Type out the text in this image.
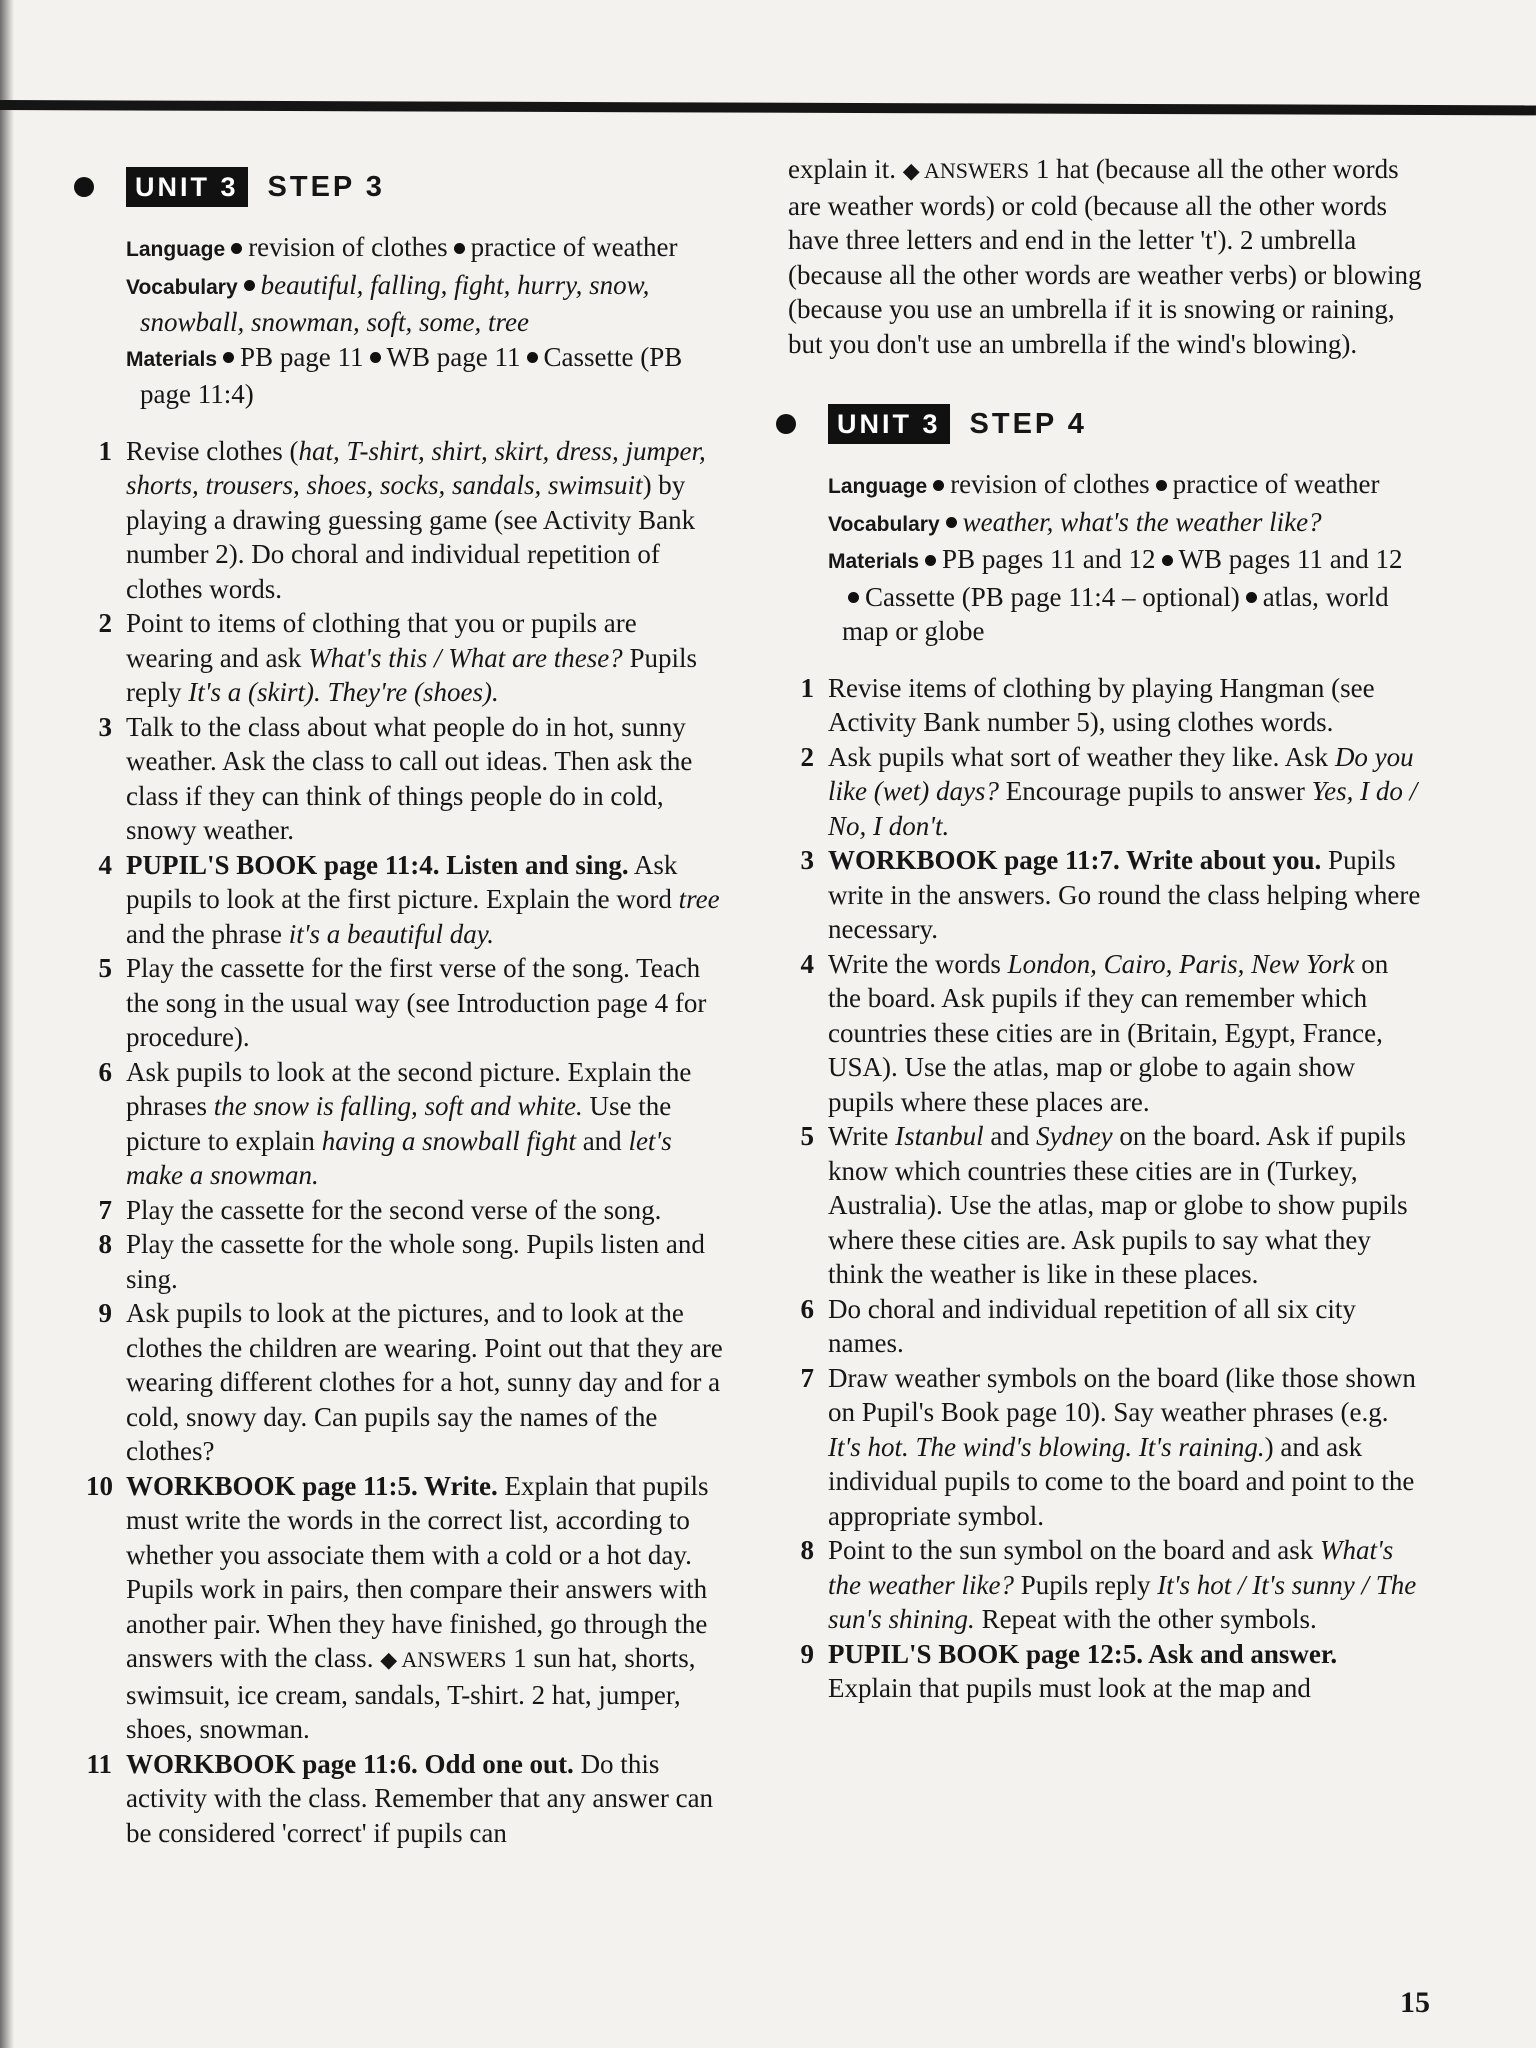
UNIT 3	STEP 3

Language revision of clothes practice of weather

Vocabulary beautiful, falling, fight, hurry, snow, snowball, snowman, soft, some, tree

Materials PB page 11 WB page 11 Cassette (PB page 11:4)

1 Revise clothes (hat, T-shirt, shirt, skirt, dress, jumper, shorts, trousers, shoes, socks, sandals, swimsuit) by playing a drawing guessing game (see Activity Bank number 2). Do choral and individual repetition of clothes words.
2 Point to items of clothing that you or pupils are wearing and ask What's this / What are these? Pupils reply It's a (skirt). They're (shoes).
3 Talk to the class about what people do in hot, sunny weather. Ask the class to call out ideas. Then ask the class if they can think of things people do in cold, snowy weather.
4 PUPIL'S BOOK page 11:4. Listen and sing. Ask pupils to look at the first picture. Explain the word tree and the phrase it's a beautiful day.
5 Play the cassette for the first verse of the song. Teach the song in the usual way (see Introduction page 4 for procedure).
6 Ask pupils to look at the second picture. Explain the phrases the snow is falling, soft and white. Use the picture to explain having a snowball fight and let's make a snowman.
7 Play the cassette for the second verse of the song.
8 Play the cassette for the whole song. Pupils listen and sing.
9 Ask pupils to look at the pictures, and to look at the clothes the children are wearing. Point out that they are wearing different clothes for a hot, sunny day and for a cold, snowy day. Can pupils say the names of the clothes?
10 WORKBOOK page 11:5. Write. Explain that pupils must write the words in the correct list, according to whether you associate them with a cold or a hot day. Pupils work in pairs, then compare their answers with another pair. When they have finished, go through the answers with the class. ◆ ANSWERS 1 sun hat, shorts, swimsuit, ice cream, sandals, T-shirt. 2 hat, jumper, shoes, snowman.
11 WORKBOOK page 11:6. Odd one out. Do this activity with the class. Remember that any answer can be considered 'correct' if pupils can

explain it. ◆ ANSWERS 1 hat (because all the other words are weather words) or cold (because all the other words have three letters and end in the letter 't'). 2 umbrella (because all the other words are weather verbs) or blowing (because you use an umbrella if it is snowing or raining, but you don't use an umbrella if the wind's blowing).

UNIT 3	STEP 4

Language revision of clothes practice of weather

Vocabulary weather, what's the weather like?

Materials PB pages 11 and 12 WB pages 11 and 12Cassette (PB page 11:4 – optional) atlas, world map or globe

1 Revise items of clothing by playing Hangman (see Activity Bank number 5), using clothes words.
2 Ask pupils what sort of weather they like. Ask Do you like (wet) days? Encourage pupils to answer Yes, I do / No, I don't.
3 WORKBOOK page 11:7. Write about you. Pupils write in the answers. Go round the class helping where necessary.
4 Write the words London, Cairo, Paris, New York on the board. Ask pupils if they can remember which countries these cities are in (Britain, Egypt, France, USA). Use the atlas, map or globe to again show pupils where these places are.
5 Write Istanbul and Sydney on the board. Ask if pupils know which countries these cities are in (Turkey, Australia). Use the atlas, map or globe to show pupils where these cities are. Ask pupils to say what they think the weather is like in these places.
6 Do choral and individual repetition of all six city names.
7 Draw weather symbols on the board (like those shown on Pupil's Book page 10). Say weather phrases (e.g. It's hot. The wind's blowing. It's raining.) and ask individual pupils to come to the board and point to the appropriate symbol.
8 Point to the sun symbol on the board and ask What's the weather like? Pupils reply It's hot / It's sunny / The sun's shining. Repeat with the other symbols.
9 PUPIL'S BOOK page 12:5. Ask and answer. Explain that pupils must look at the map and
15
